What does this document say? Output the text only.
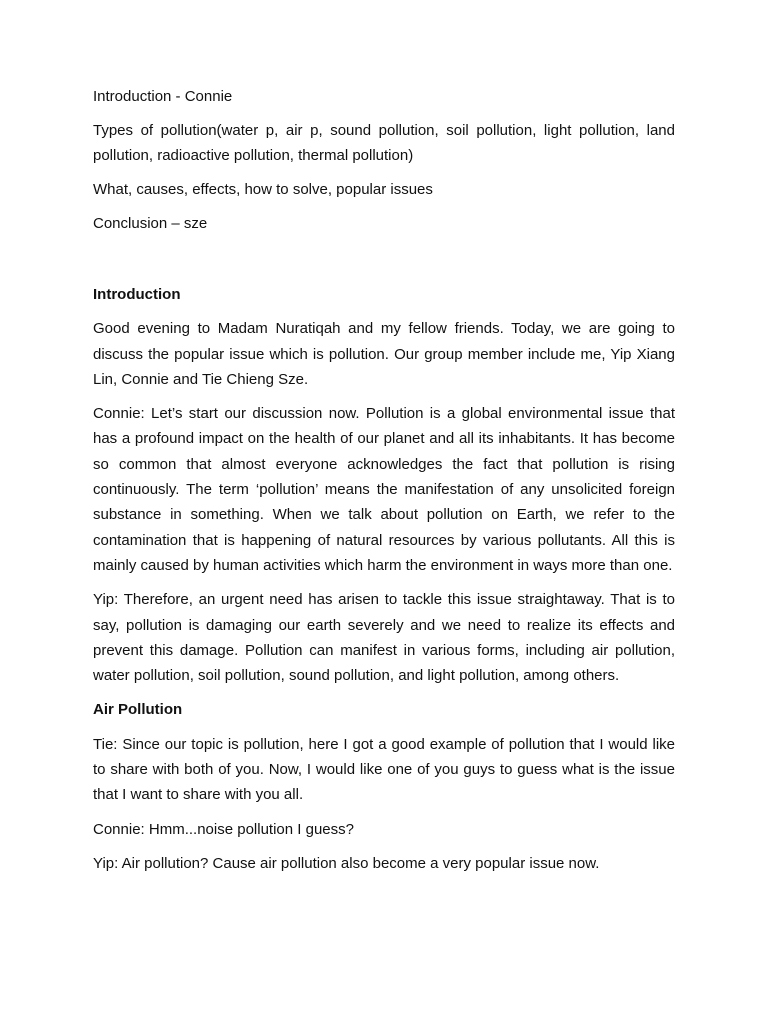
Introduction - Connie

Types of pollution(water p, air p, sound pollution, soil pollution, light pollution, land pollution, radioactive pollution, thermal pollution)

What, causes, effects, how to solve, popular issues

Conclusion – sze

Introduction

Good evening to Madam Nuratiqah and my fellow friends. Today, we are going to discuss the popular issue which is pollution. Our group member include me, Yip Xiang Lin, Connie and Tie Chieng Sze.

Connie: Let’s start our discussion now. Pollution is a global environmental issue that has a profound impact on the health of our planet and all its inhabitants. It has become so common that almost everyone acknowledges the fact that pollution is rising continuously. The term ‘pollution’ means the manifestation of any unsolicited foreign substance in something. When we talk about pollution on Earth, we refer to the contamination that is happening of natural resources by various pollutants. All this is mainly caused by human activities which harm the environment in ways more than one.

Yip: Therefore, an urgent need has arisen to tackle this issue straightaway. That is to say, pollution is damaging our earth severely and we need to realize its effects and prevent this damage. Pollution can manifest in various forms, including air pollution, water pollution, soil pollution, sound pollution, and light pollution, among others.

Air Pollution

Tie: Since our topic is pollution, here I got a good example of pollution that I would like to share with both of you. Now, I would like one of you guys to guess what is the issue that I want to share with you all.

Connie: Hmm...noise pollution I guess?

Yip: Air pollution? Cause air pollution also become a very popular issue now.
